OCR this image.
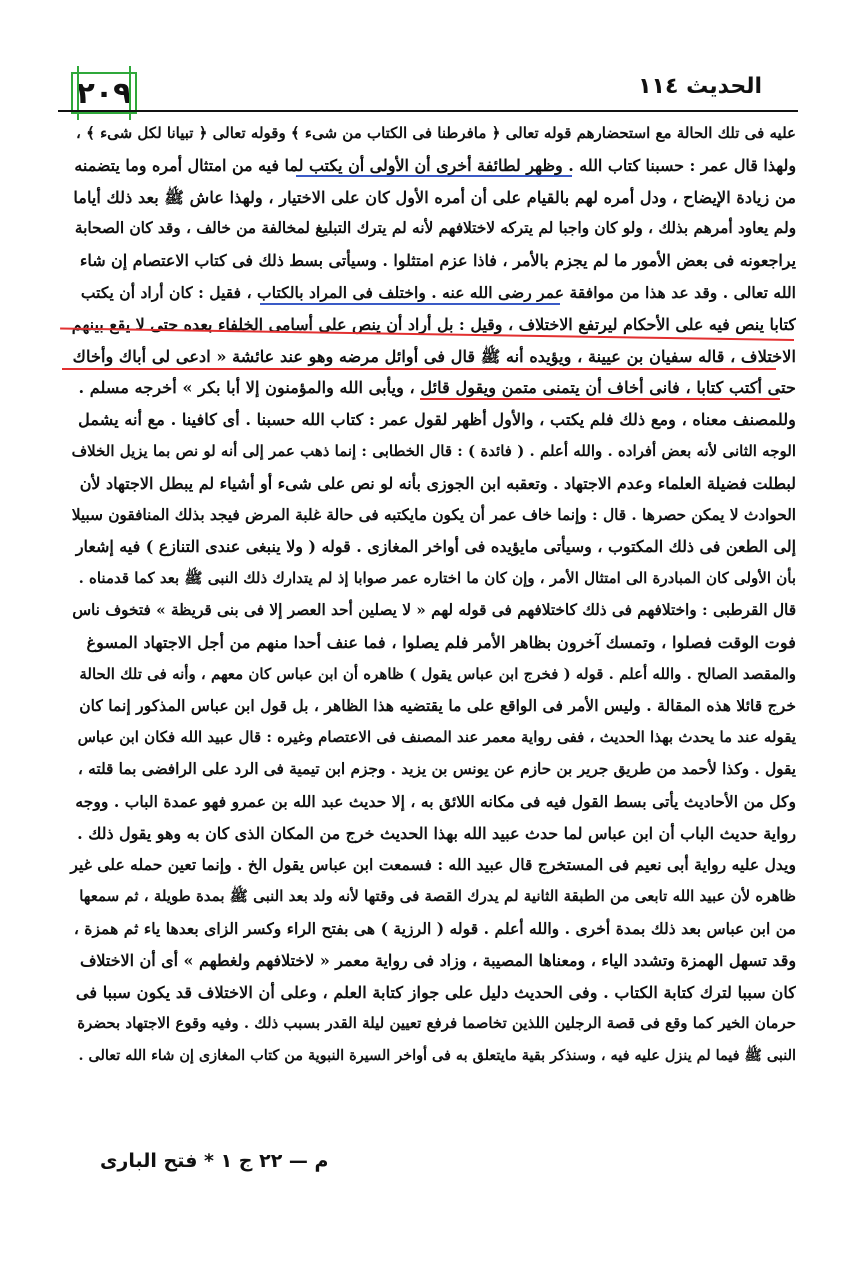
٢٠٩	الحديث ١١٤
عليه فى تلك الحالة مع استحضارهم قوله تعالى ﴿ مافرطنا فى الكتاب من شىء ﴾ وقوله تعالى ﴿ تبيانا لكل شىء ﴾ ،
ولهذا قال عمر : حسبنا كتاب الله . وظهر لطائفة أخرى أن الأولى أن يكتب لما فيه من امتثال أمره وما يتضمنه
من زيادة الإيضاح ، ودل أمره لهم بالقيام على أن أمره الأول كان على الاختيار ، ولهذا عاش ﷺ بعد ذلك أياما
ولم يعاود أمرهم بذلك ، ولو كان واجبا لم يتركه لاختلافهم لأنه لم يترك التبليغ لمخالفة من خالف ، وقد كان الصحابة
يراجعونه فى بعض الأمور ما لم يجزم بالأمر ، فاذا عزم امتثلوا . وسيأتى بسط ذلك فى كتاب الاعتصام إن شاء
الله تعالى . وقد عد هذا من موافقة عمر رضى الله عنه . واختلف فى المراد بالكتاب ، فقيل : كان أراد أن يكتب
كتابا ينص فيه على الأحكام ليرتفع الاختلاف ، وقيل : بل أراد أن ينص على أسامى الخلفاء بعده حتى لا يقع بينهم
الاختلاف ، قاله سفيان بن عيينة ، ويؤيده أنه ﷺ قال فى أوائل مرضه وهو عند عائشة « ادعى لى أباك وأخاك
حتى أكتب كتابا ، فانى أخاف أن يتمنى متمن ويقول قائل ، ويأبى الله والمؤمنون إلا أبا بكر » أخرجه مسلم .
وللمصنف معناه ، ومع ذلك فلم يكتب ، والأول أظهر لقول عمر : كتاب الله حسبنا . أى كافينا . مع أنه يشمل
الوجه الثانى لأنه بعض أفراده . والله أعلم . ( فائدة ) : قال الخطابى : إنما ذهب عمر إلى أنه لو نص بما يزيل الخلاف
لبطلت فضيلة العلماء وعدم الاجتهاد . وتعقبه ابن الجوزى بأنه لو نص على شىء أو أشياء لم يبطل الاجتهاد لأن
الحوادث لا يمكن حصرها . قال : وإنما خاف عمر أن يكون مايكتبه فى حالة غلبة المرض فيجد بذلك المنافقون سبيلا
إلى الطعن فى ذلك المكتوب ، وسيأتى مايؤيده فى أواخر المغازى . قوله ( ولا ينبغى عندى التنازع ) فيه إشعار
بأن الأولى كان المبادرة الى امتثال الأمر ، وإن كان ما اختاره عمر صوابا إذ لم يتدارك ذلك النبى ﷺ بعد كما قدمناه .
قال القرطبى : واختلافهم فى ذلك كاختلافهم فى قوله لهم « لا يصلين أحد العصر إلا فى بنى قريظة » فتخوف ناس
فوت الوقت فصلوا ، وتمسك آخرون بظاهر الأمر فلم يصلوا ، فما عنف أحدا منهم من أجل الاجتهاد المسوغ
والمقصد الصالح . والله أعلم . قوله ( فخرج ابن عباس يقول ) ظاهره أن ابن عباس كان معهم ، وأنه فى تلك الحالة
خرج قائلا هذه المقالة . وليس الأمر فى الواقع على ما يقتضيه هذا الظاهر ، بل قول ابن عباس المذكور إنما كان
يقوله عند ما يحدث بهذا الحديث ، ففى رواية معمر عند المصنف فى الاعتصام وغيره : قال عبيد الله فكان ابن عباس
يقول . وكذا لأحمد من طريق جرير بن حازم عن يونس بن يزيد . وجزم ابن تيمية فى الرد على الرافضى بما قلته ،
وكل من الأحاديث يأتى بسط القول فيه فى مكانه اللائق به ، إلا حديث عبد الله بن عمرو فهو عمدة الباب . ووجه
رواية حديث الباب أن ابن عباس لما حدث عبيد الله بهذا الحديث خرج من المكان الذى كان به وهو يقول ذلك .
ويدل عليه رواية أبى نعيم فى المستخرج قال عبيد الله : فسمعت ابن عباس يقول الخ . وإنما تعين حمله على غير
ظاهره لأن عبيد الله تابعى من الطبقة الثانية لم يدرك القصة فى وقتها لأنه ولد بعد النبى ﷺ بمدة طويلة ، ثم سمعها
من ابن عباس بعد ذلك بمدة أخرى . والله أعلم . قوله ( الرزية ) هى بفتح الراء وكسر الزاى بعدها ياء ثم همزة ،
وقد تسهل الهمزة وتشدد الياء ، ومعناها المصيبة ، وزاد فى رواية معمر « لاختلافهم ولغطهم » أى أن الاختلاف
كان سببا لترك كتابة الكتاب . وفى الحديث دليل على جواز كتابة العلم ، وعلى أن الاختلاف قد يكون سببا فى
حرمان الخير كما وقع فى قصة الرجلين اللذين تخاصما فرفع تعيين ليلة القدر بسبب ذلك . وفيه وقوع الاجتهاد بحضرة
النبى ﷺ فيما لم ينزل عليه فيه ، وسنذكر بقية مايتعلق به فى أواخر السيرة النبوية من كتاب المغازى إن شاء الله تعالى .
م — ٢٢ ج ١ * فتح البارى
